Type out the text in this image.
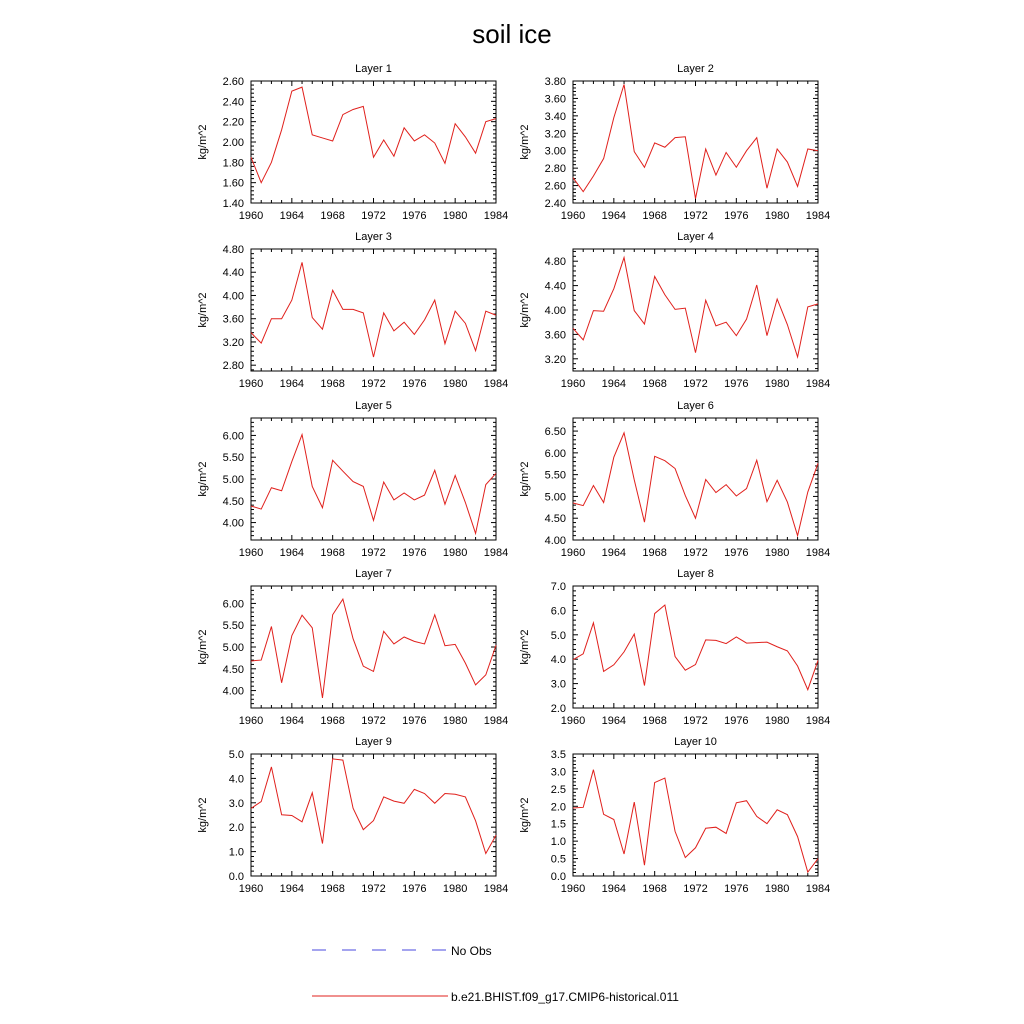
soil ice
Layer 1
kg/m^2
1960 1964 1968 1972 1976 1980 1984
1.40
1.60
1.80
2.00
2.20
2.40
2.60
Layer 2
kg/m^2
1960 1964 1968 1972 1976 1980 1984
2.40
2.60
2.80
3.00
3.20
3.40
3.60
3.80
Layer 3
kg/m^2
1960 1964 1968 1972 1976 1980 1984
2.80
3.20
3.60
4.00
4.40
4.80
Layer 4
kg/m^2
1960 1964 1968 1972 1976 1980 1984
3.20
3.60
4.00
4.40
4.80
Layer 5
kg/m^2
1960 1964 1968 1972 1976 1980 1984
4.00
4.50
5.00
5.50
6.00
Layer 6
kg/m^2
1960 1964 1968 1972 1976 1980 1984
4.00
4.50
5.00
5.50
6.00
6.50
Layer 7
kg/m^2
1960 1964 1968 1972 1976 1980 1984
4.00
4.50
5.00
5.50
6.00
Layer 8
kg/m^2
1960 1964 1968 1972 1976 1980 1984
2.0
3.0
4.0
5.0
6.0
7.0
Layer 9
kg/m^2
1960 1964 1968 1972 1976 1980 1984
0.0
1.0
2.0
3.0
4.0
5.0
Layer 10
kg/m^2
1960 1964 1968 1972 1976 1980 1984
0.0
0.5
1.0
1.5
2.0
2.5
3.0
3.5
No Obs
b.e21.BHIST.f09_g17.CMIP6-historical.011
